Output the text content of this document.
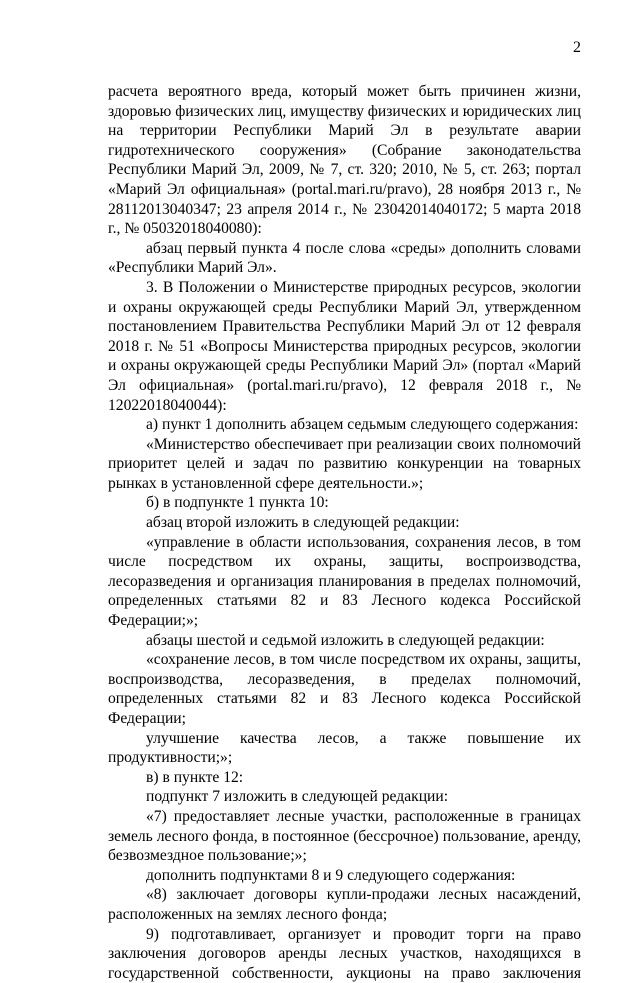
2

расчета вероятного вреда, который может быть причинен жизни, здоровью физических лиц, имуществу физических и юридических лиц на территории Республики Марий Эл в результате аварии гидротехнического сооружения» (Собрание законодательства Республики Марий Эл, 2009, № 7, ст. 320; 2010, № 5, ст. 263; портал «Марий Эл официальная» (portal.mari.ru/pravo), 28 ноября 2013 г., № 28112013040347; 23 апреля 2014 г., № 23042014040172; 5 марта 2018 г., № 05032018040080):

абзац первый пункта 4 после слова «среды» дополнить словами «Республики Марий Эл».

3. В Положении о Министерстве природных ресурсов, экологии и охраны окружающей среды Республики Марий Эл, утвержденном постановлением Правительства Республики Марий Эл от 12 февраля 2018 г. № 51 «Вопросы Министерства природных ресурсов, экологии и охраны окружающей среды Республики Марий Эл» (портал «Марий Эл официальная» (portal.mari.ru/pravo), 12 февраля 2018 г., № 12022018040044):

а) пункт 1 дополнить абзацем седьмым следующего содержания:

«Министерство обеспечивает при реализации своих полномочий приоритет целей и задач по развитию конкуренции на товарных рынках в установленной сфере деятельности.»;

б) в подпункте 1 пункта 10:

абзац второй изложить в следующей редакции:

«управление в области использования, сохранения лесов, в том числе посредством их охраны, защиты, воспроизводства, лесоразведения и организация планирования в пределах полномочий, определенных статьями 82 и 83 Лесного кодекса Российской Федерации;»;

абзацы шестой и седьмой изложить в следующей редакции:

«сохранение лесов, в том числе посредством их охраны, защиты, воспроизводства, лесоразведения, в пределах полномочий, определенных статьями 82 и 83 Лесного кодекса Российской Федерации;

улучшение качества лесов, а также повышение их продуктивности;»;

в) в пункте 12:

подпункт 7 изложить в следующей редакции:

«7) предоставляет лесные участки, расположенные в границах земель лесного фонда, в постоянное (бессрочное) пользование, аренду, безвозмездное пользование;»;

дополнить подпунктами 8 и 9 следующего содержания:

«8) заключает договоры купли-продажи лесных насаждений, расположенных на землях лесного фонда;

9) подготавливает, организует и проводит торги на право заключения договоров аренды лесных участков, находящихся в государственной собственности, аукционы на право заключения
